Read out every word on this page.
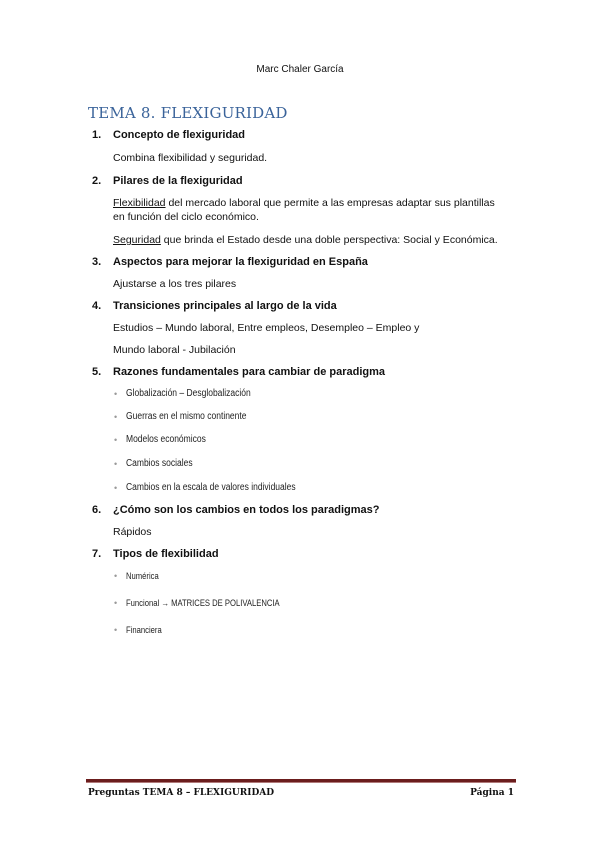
Marc Chaler García
TEMA 8. FLEXIGURIDAD
1. Concepto de flexiguridad
Combina flexibilidad y seguridad.
2. Pilares de la flexiguridad
Flexibilidad del mercado laboral que permite a las empresas adaptar sus plantillas
en función del ciclo económico.
Seguridad que brinda el Estado desde una doble perspectiva: Social y Económica.
3. Aspectos para mejorar la flexiguridad en España
Ajustarse a los tres pilares
4. Transiciones principales al largo de la vida
Estudios – Mundo laboral, Entre empleos, Desempleo – Empleo y
Mundo laboral - Jubilación
5. Razones fundamentales para cambiar de paradigma
• Globalización – Desglobalización
• Guerras en el mismo continente
• Modelos económicos
• Cambios sociales
• Cambios en la escala de valores individuales
6. ¿Cómo son los cambios en todos los paradigmas?
Rápidos
7. Tipos de flexibilidad
• Numérica
• Funcional → MATRICES DE POLIVALENCIA
• Financiera
Preguntas TEMA 8 – FLEXIGURIDAD	Página 1
